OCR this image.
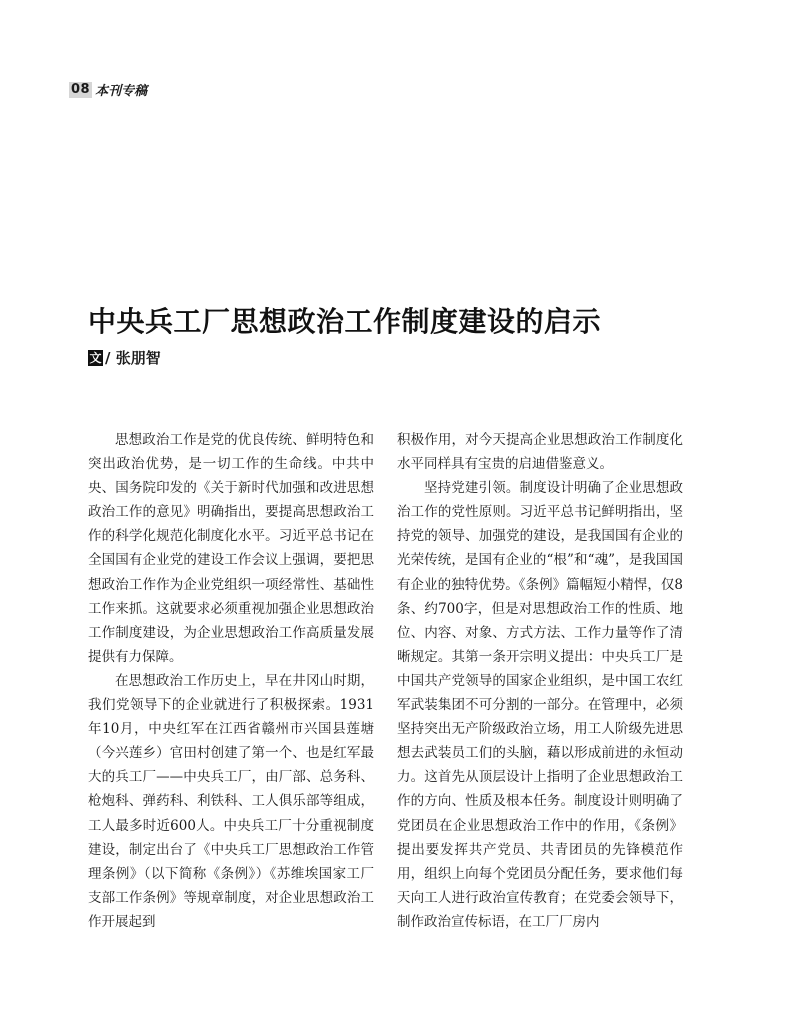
08 本刊专稿
中央兵工厂思想政治工作制度建设的启示
文 / 张朋智

思想政治工作是党的优良传统、鲜明特色和突出政治优势，是一切工作的生命线。中共中央、国务院印发的《关于新时代加强和改进思想政治工作的意见》明确指出，要提高思想政治工作的科学化规范化制度化水平。习近平总书记在全国国有企业党的建设工作会议上强调，要把思想政治工作作为企业党组织一项经常性、基础性工作来抓。这就要求必须重视加强企业思想政治工作制度建设，为企业思想政治工作高质量发展提供有力保障。

在思想政治工作历史上，早在井冈山时期，我们党领导下的企业就进行了积极探索。1931年10月，中央红军在江西省赣州市兴国县莲塘（今兴莲乡）官田村创建了第一个、也是红军最大的兵工厂——中央兵工厂，由厂部、总务科、枪炮科、弹药科、利铁科、工人俱乐部等组成，工人最多时近600人。中央兵工厂十分重视制度建设，制定出台了《中央兵工厂思想政治工作管理条例》（以下简称《条例》）《苏维埃国家工厂支部工作条例》等规章制度，对企业思想政治工作开展起到

积极作用，对今天提高企业思想政治工作制度化水平同样具有宝贵的启迪借鉴意义。

坚持党建引领。制度设计明确了企业思想政治工作的党性原则。习近平总书记鲜明指出，坚持党的领导、加强党的建设，是我国国有企业的光荣传统，是国有企业的“根”和“魂”，是我国国有企业的独特优势。《条例》篇幅短小精悍，仅8条、约700字，但是对思想政治工作的性质、地位、内容、对象、方式方法、工作力量等作了清晰规定。其第一条开宗明义提出：中央兵工厂是中国共产党领导的国家企业组织，是中国工农红军武装集团不可分割的一部分。在管理中，必须坚持突出无产阶级政治立场，用工人阶级先进思想去武装员工们的头脑，藉以形成前进的永恒动力。这首先从顶层设计上指明了企业思想政治工作的方向、性质及根本任务。制度设计则明确了党团员在企业思想政治工作中的作用，《条例》提出要发挥共产党员、共青团员的先锋模范作用，组织上向每个党团员分配任务，要求他们每天向工人进行政治宣传教育；在党委会领导下，制作政治宣传标语，在工厂厂房内
